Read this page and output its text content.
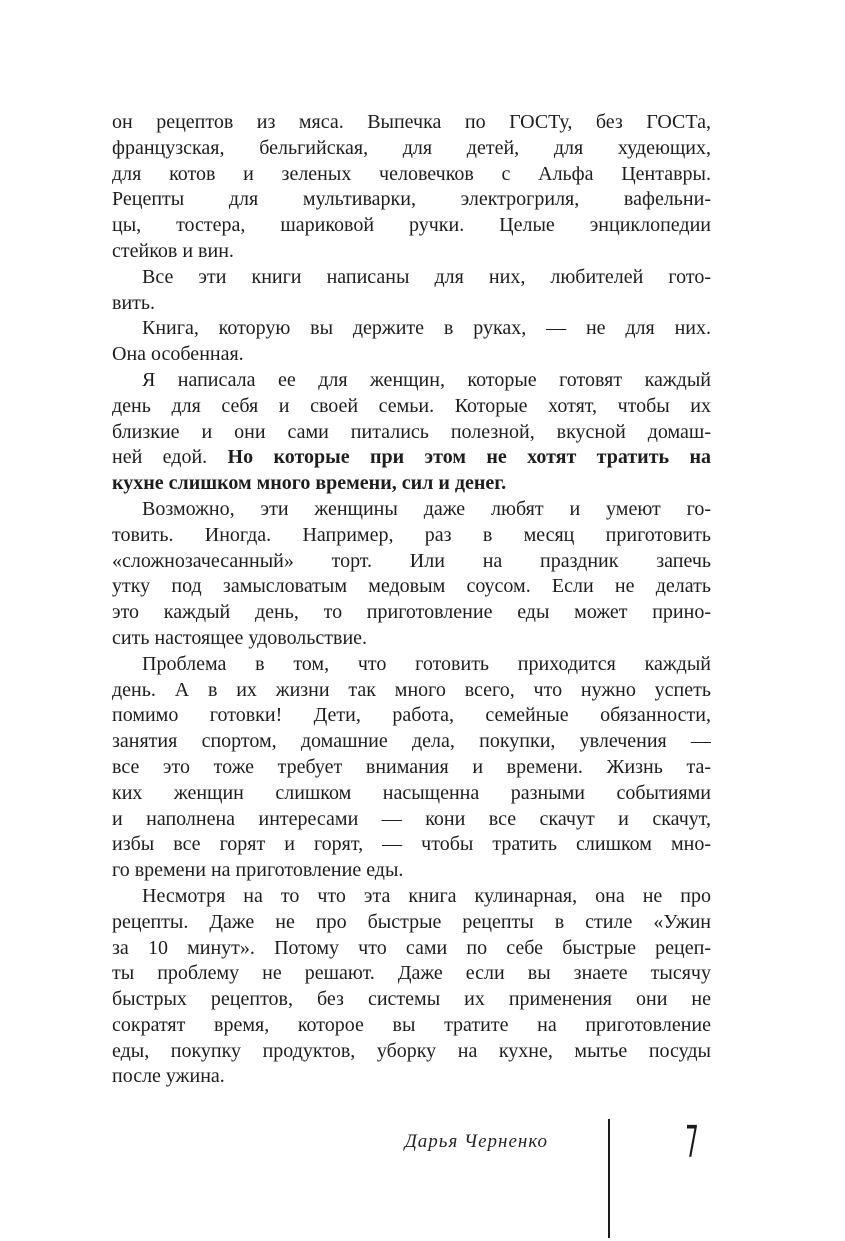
он рецептов из мяса. Выпечка по ГОСТу, без ГОСТа,
французская, бельгийская, для детей, для худеющих,
для котов и зеленых человечков с Альфа Центавры.
Рецепты для мультиварки, электрогриля, вафельни-
цы, тостера, шариковой ручки. Целые энциклопедии
стейков и вин.
Все эти книги написаны для них, любителей гото-
вить.
Книга, которую вы держите в руках, — не для них.
Она особенная.
Я написала ее для женщин, которые готовят каждый
день для себя и своей семьи. Которые хотят, чтобы их
близкие и они сами питались полезной, вкусной домаш-
ней едой. Но которые при этом не хотят тратить на
кухне слишком много времени, сил и денег.
Возможно, эти женщины даже любят и умеют го-
товить. Иногда. Например, раз в месяц приготовить
«сложнозачесанный» торт. Или на праздник запечь
утку под замысловатым медовым соусом. Если не делать
это каждый день, то приготовление еды может прино-
сить настоящее удовольствие.
Проблема в том, что готовить приходится каждый
день. А в их жизни так много всего, что нужно успеть
помимо готовки! Дети, работа, семейные обязанности,
занятия спортом, домашние дела, покупки, увлечения —
все это тоже требует внимания и времени. Жизнь та-
ких женщин слишком насыщенна разными событиями
и наполнена интересами — кони все скачут и скачут,
избы все горят и горят, — чтобы тратить слишком мно-
го времени на приготовление еды.
Несмотря на то что эта книга кулинарная, она не про
рецепты. Даже не про быстрые рецепты в стиле «Ужин
за 10 минут». Потому что сами по себе быстрые рецеп-
ты проблему не решают. Даже если вы знаете тысячу
быстрых рецептов, без системы их применения они не
сократят время, которое вы тратите на приготовление
еды, покупку продуктов, уборку на кухне, мытье посуды
после ужина.
Дарья Черненко	7
